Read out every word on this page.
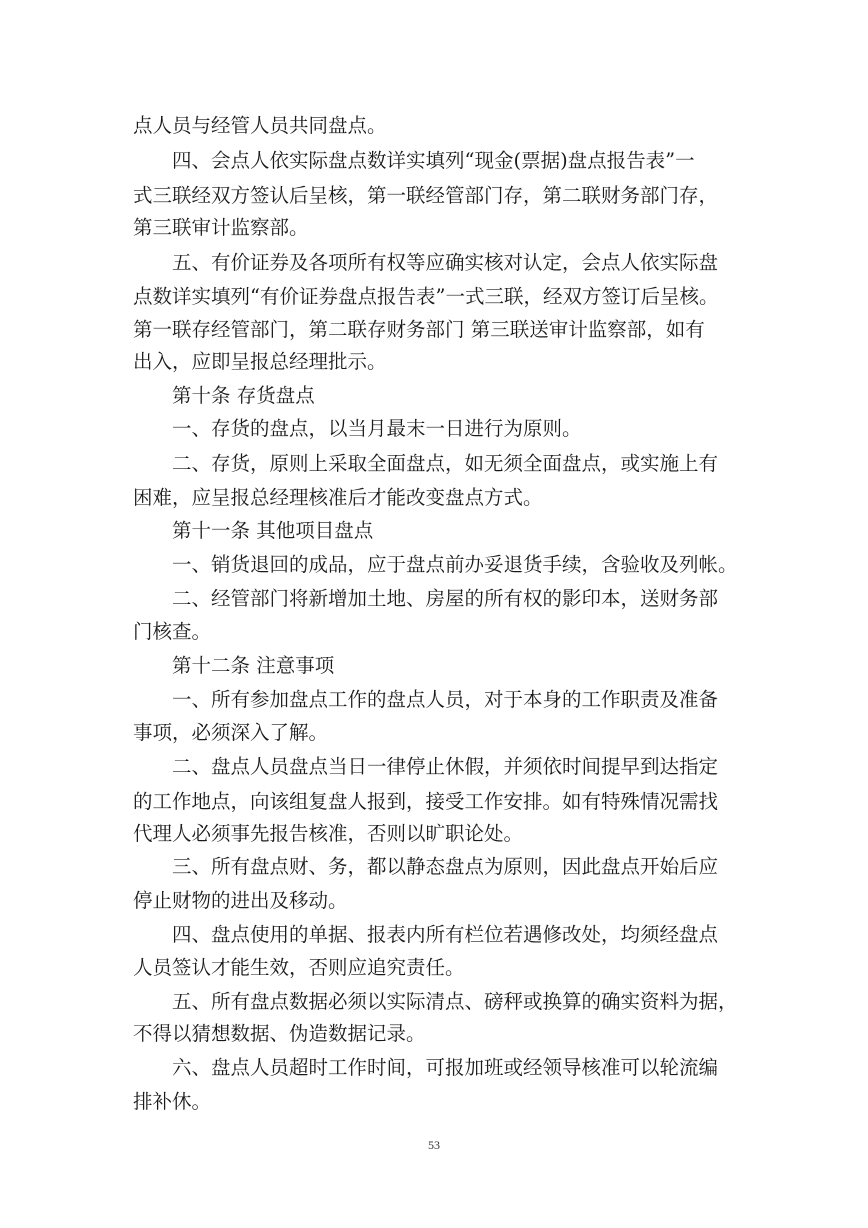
点人员与经管人员共同盘点。
四、会点人依实际盘点数详实填列“现金(票据)盘点报告表”一
式三联经双方签认后呈核，第一联经管部门存，第二联财务部门存，
第三联审计监察部。
五、有价证券及各项所有权等应确实核对认定，会点人依实际盘
点数详实填列“有价证券盘点报告表”一式三联，经双方签订后呈核。
第一联存经管部门，第二联存财务部门 第三联送审计监察部，如有
出入，应即呈报总经理批示。
第十条 存货盘点
一、存货的盘点，以当月最末一日进行为原则。
二、存货，原则上采取全面盘点，如无须全面盘点，或实施上有
困难，应呈报总经理核准后才能改变盘点方式。
第十一条 其他项目盘点
一、销货退回的成品，应于盘点前办妥退货手续，含验收及列帐。
二、经管部门将新增加土地、房屋的所有权的影印本，送财务部
门核查。
第十二条 注意事项
一、所有参加盘点工作的盘点人员，对于本身的工作职责及准备
事项，必须深入了解。
二、盘点人员盘点当日一律停止休假，并须依时间提早到达指定
的工作地点，向该组复盘人报到，接受工作安排。如有特殊情况需找
代理人必须事先报告核准，否则以旷职论处。
三、所有盘点财、务，都以静态盘点为原则，因此盘点开始后应
停止财物的进出及移动。
四、盘点使用的单据、报表内所有栏位若遇修改处，均须经盘点
人员签认才能生效，否则应追究责任。
五、所有盘点数据必须以实际清点、磅秤或换算的确实资料为据，
不得以猜想数据、伪造数据记录。
六、盘点人员超时工作时间，可报加班或经领导核准可以轮流编
排补休。
53
